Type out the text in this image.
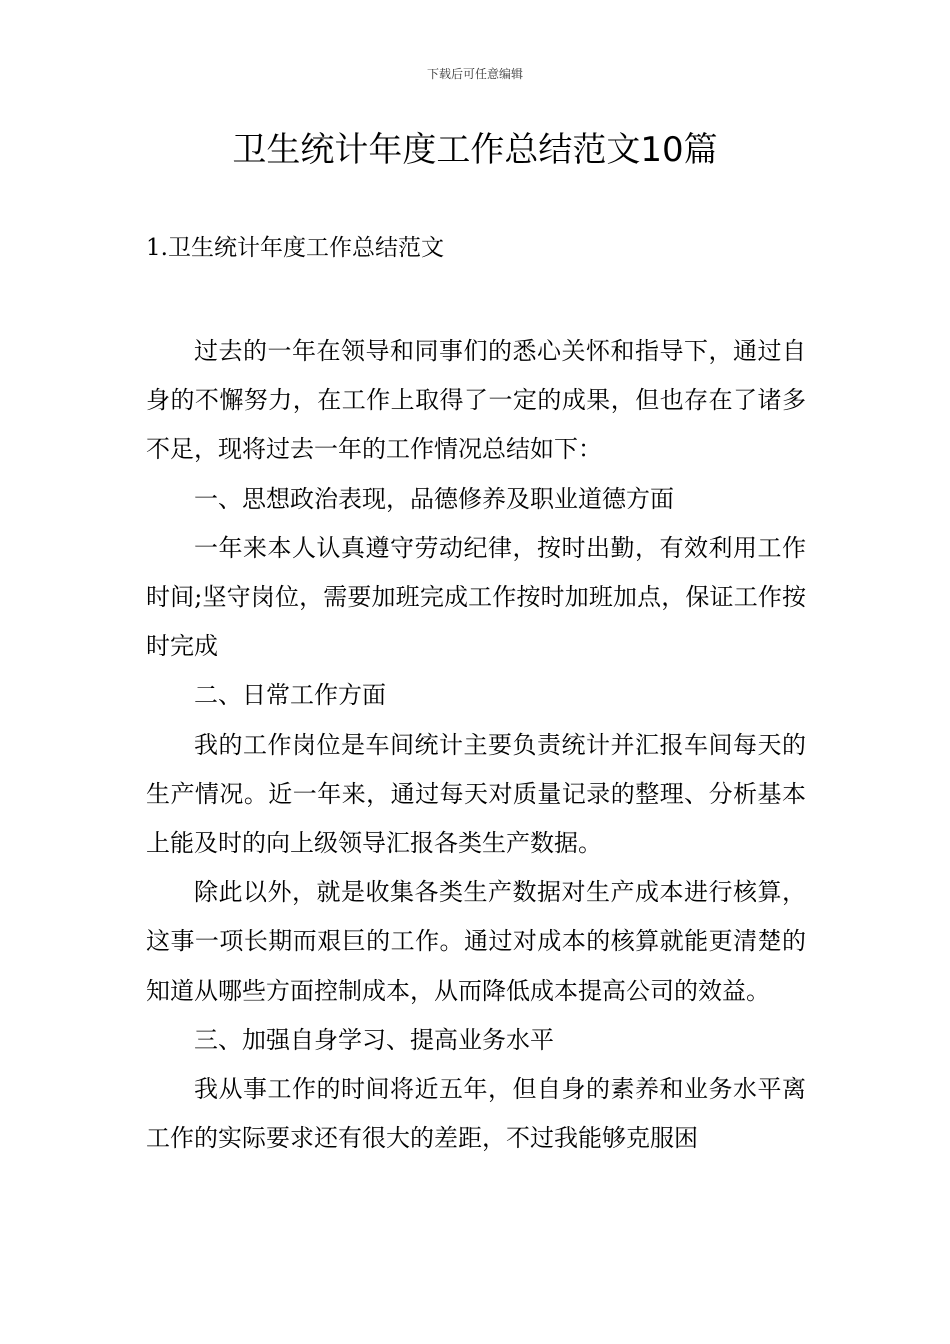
下载后可任意编辑
卫生统计年度工作总结范文10篇
1.卫生统计年度工作总结范文

过去的一年在领导和同事们的悉心关怀和指导下，通过自身的不懈努力，在工作上取得了一定的成果，但也存在了诸多不足，现将过去一年的工作情况总结如下：

一、思想政治表现，品德修养及职业道德方面

一年来本人认真遵守劳动纪律，按时出勤，有效利用工作时间;坚守岗位，需要加班完成工作按时加班加点，保证工作按时完成

二、日常工作方面

我的工作岗位是车间统计主要负责统计并汇报车间每天的生产情况。近一年来，通过每天对质量记录的整理、分析基本上能及时的向上级领导汇报各类生产数据。

除此以外，就是收集各类生产数据对生产成本进行核算，这事一项长期而艰巨的工作。通过对成本的核算就能更清楚的知道从哪些方面控制成本，从而降低成本提高公司的效益。

三、加强自身学习、提高业务水平

我从事工作的时间将近五年，但自身的素养和业务水平离工作的实际要求还有很大的差距，不过我能够克服困
